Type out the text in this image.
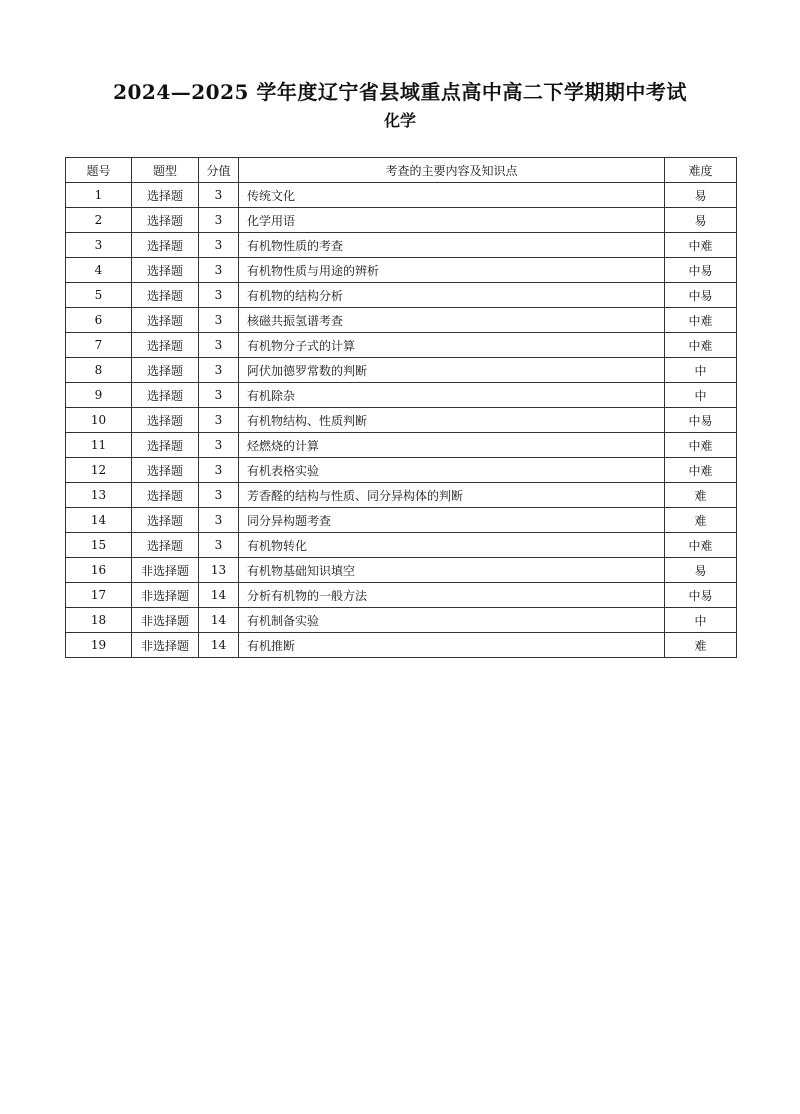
2024—2025 学年度辽宁省县域重点高中高二下学期期中考试
化学
题号	题型	分值	考查的主要内容及知识点	难度
1	选择题	3	传统文化	易
2	选择题	3	化学用语	易
3	选择题	3	有机物性质的考查	中难
4	选择题	3	有机物性质与用途的辨析	中易
5	选择题	3	有机物的结构分析	中易
6	选择题	3	核磁共振氢谱考查	中难
7	选择题	3	有机物分子式的计算	中难
8	选择题	3	阿伏加德罗常数的判断	中
9	选择题	3	有机除杂	中
10	选择题	3	有机物结构、性质判断	中易
11	选择题	3	烃燃烧的计算	中难
12	选择题	3	有机表格实验	中难
13	选择题	3	芳香醛的结构与性质、同分异构体的判断	难
14	选择题	3	同分异构题考查	难
15	选择题	3	有机物转化	中难
16	非选择题	13	有机物基础知识填空	易
17	非选择题	14	分析有机物的一般方法	中易
18	非选择题	14	有机制备实验	中
19	非选择题	14	有机推断	难
